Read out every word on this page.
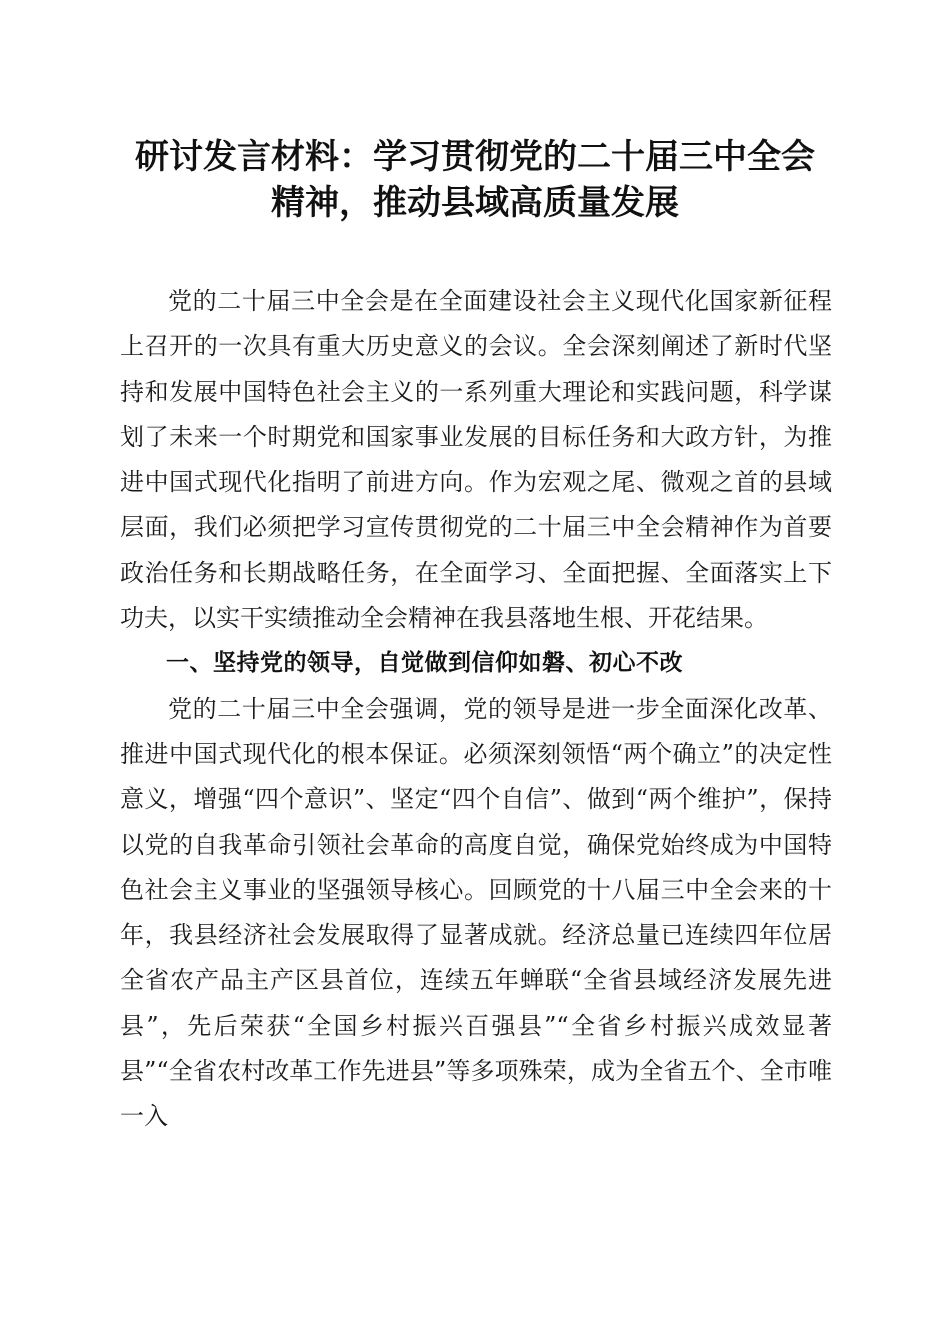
研讨发言材料：学习贯彻党的二十届三中全会
精神，推动县域高质量发展

党的二十届三中全会是在全面建设社会主义现代化国家新征程上召开的一次具有重大历史意义的会议。全会深刻阐述了新时代坚持和发展中国特色社会主义的一系列重大理论和实践问题，科学谋划了未来一个时期党和国家事业发展的目标任务和大政方针，为推进中国式现代化指明了前进方向。作为宏观之尾、微观之首的县域层面，我们必须把学习宣传贯彻党的二十届三中全会精神作为首要政治任务和长期战略任务，在全面学习、全面把握、全面落实上下功夫，以实干实绩推动全会精神在我县落地生根、开花结果。

一、坚持党的领导，自觉做到信仰如磐、初心不改

党的二十届三中全会强调，党的领导是进一步全面深化改革、推进中国式现代化的根本保证。必须深刻领悟“两个确立”的决定性意义，增强“四个意识”、坚定“四个自信”、做到“两个维护”，保持以党的自我革命引领社会革命的高度自觉，确保党始终成为中国特色社会主义事业的坚强领导核心。回顾党的十八届三中全会来的十年，我县经济社会发展取得了显著成就。经济总量已连续四年位居全省农产品主产区县首位，连续五年蝉联“全省县域经济发展先进县”，先后荣获“全国乡村振兴百强县”“全省乡村振兴成效显著县”“全省农村改革工作先进县”等多项殊荣，成为全省五个、全市唯一入
